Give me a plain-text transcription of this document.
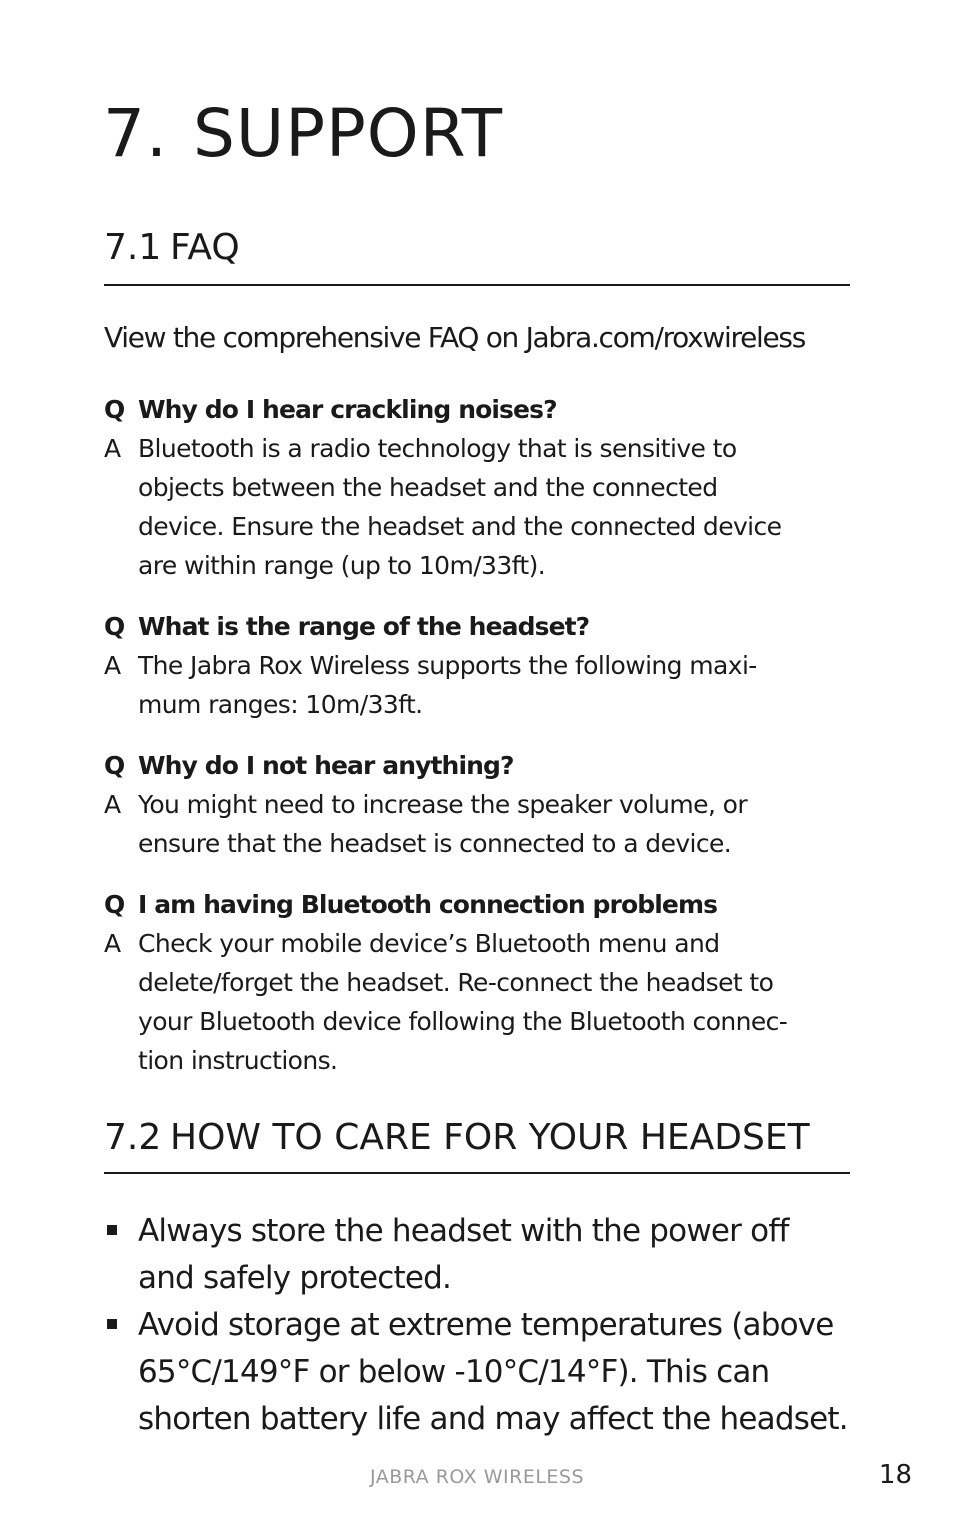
7. SUPPORT
7.1 FAQ

View the comprehensive FAQ on Jabra.com/roxwireless

Q Why do I hear crackling noises?
A Bluetooth is a radio technology that is sensitive to
objects between the headset and the connected
device. Ensure the headset and the connected device
are within range (up to 10m/33ft).
Q What is the range of the headset?
A The Jabra Rox Wireless supports the following maxi-
mum ranges: 10m/33ft.
Q Why do I not hear anything?
A You might need to increase the speaker volume, or
ensure that the headset is connected to a device.
Q I am having Bluetooth connection problems
A Check your mobile device’s Bluetooth menu and
delete/forget the headset. Re-connect the headset to
your Bluetooth device following the Bluetooth connec-
tion instructions.
7.2 HOW TO CARE FOR YOUR HEADSET
Always store the headset with the power off
and safely protected.
Avoid storage at extreme temperatures (above
65°C/149°F or below -10°C/14°F). This can
shorten battery life and may affect the headset.

JABRA ROX WIRELESS	18
